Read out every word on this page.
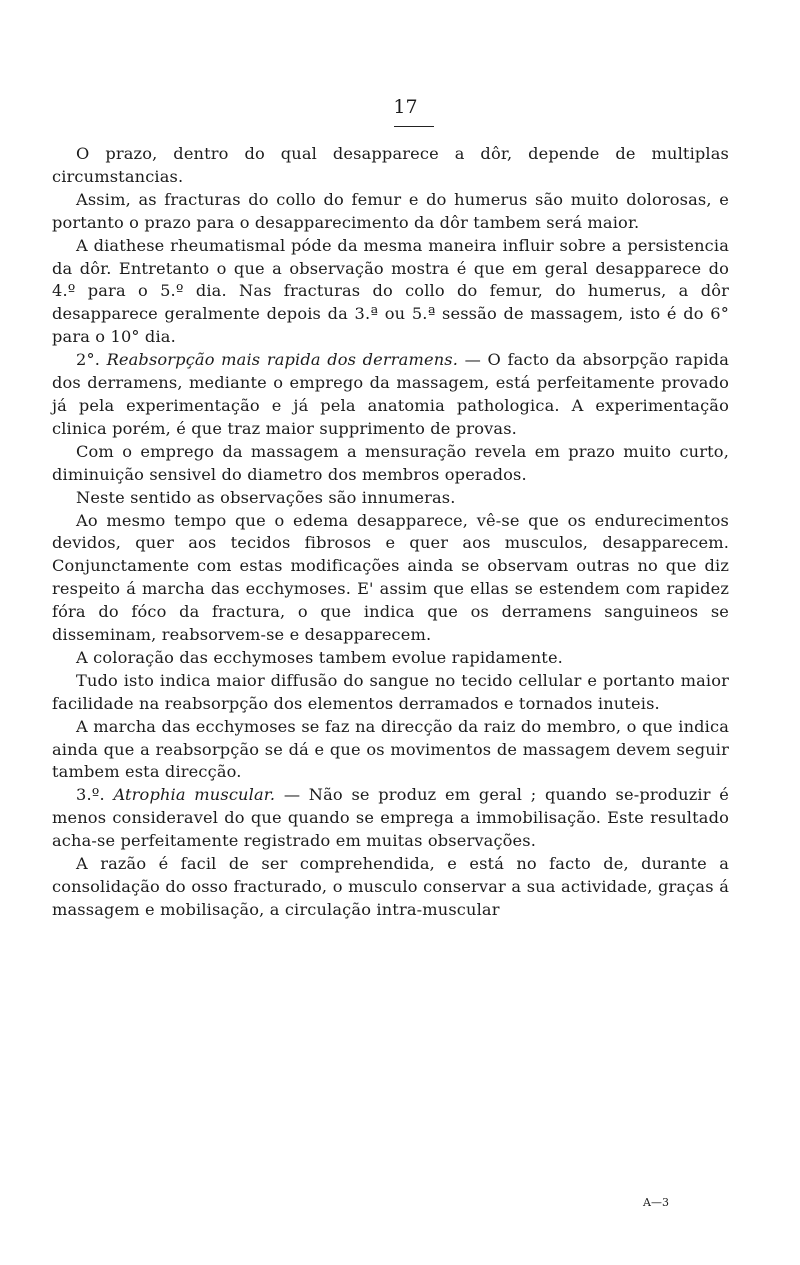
17

O prazo, dentro do qual desapparece a dôr, depende de multiplas circumstancias.

Assim, as fracturas do collo do femur e do humerus são muito dolorosas, e portanto o prazo para o desapparecimento da dôr tambem será maior.

A diathese rheumatismal póde da mesma maneira influir sobre a persistencia da dôr. Entretanto o que a observação mostra é que em geral desapparece do 4.º para o 5.º dia. Nas fracturas do collo do femur, do humerus, a dôr desapparece geralmente depois da 3.ª ou 5.ª sessão de massagem, isto é do 6° para o 10° dia.

2°. Reabsorpção mais rapida dos derramens. — O facto da absorpção rapida dos derramens, mediante o emprego da massagem, está perfeitamente provado já pela experimentação e já pela anatomia pathologica. A experimentação clinica porém, é que traz maior supprimento de provas.

Com o emprego da massagem a mensuração revela em prazo muito curto, diminuição sensivel do diametro dos membros operados.

Neste sentido as observações são innumeras.

Ao mesmo tempo que o edema desapparece, vê-se que os endurecimentos devidos, quer aos tecidos fibrosos e quer aos musculos, desapparecem. Conjunctamente com estas modificações ainda se observam outras no que diz respeito á marcha das ecchymoses. E' assim que ellas se estendem com rapidez fóra do fóco da fractura, o que indica que os derramens sanguineos se disseminam, reabsorvem-se e desapparecem.

A coloração das ecchymoses tambem evolue rapidamente.

Tudo isto indica maior diffusão do sangue no tecido cellular e portanto maior facilidade na reabsorpção dos elementos derramados e tornados inuteis.

A marcha das ecchymoses se faz na direcção da raiz do membro, o que indica ainda que a reabsorpção se dá e que os movimentos de massagem devem seguir tambem esta direcção.

3.º. Atrophia muscular. — Não se produz em geral ; quando se-produzir é menos consideravel do que quando se emprega a immobilisação. Este resultado acha-se perfeitamente registrado em muitas observações.

A razão é facil de ser comprehendida, e está no facto de, durante a consolidação do osso fracturado, o musculo conservar a sua actividade, graças á massagem e mobilisação, a circulação intra-muscular

A—3
